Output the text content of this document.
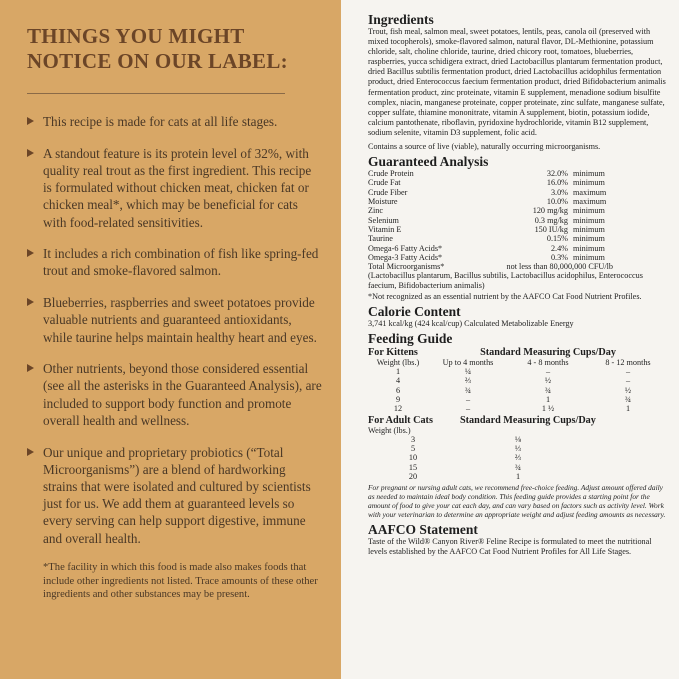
THINGS YOU MIGHT
NOTICE ON OUR LABEL:
This recipe is made for cats at all life stages.
A standout feature is its protein level of 32%, with quality real trout as the first ingredient. This recipe is formulated without chicken meat, chicken fat or chicken meal*, which may be beneficial for cats with food-related sensitivities.
It includes a rich combination of fish like spring-fed trout and smoke-flavored salmon.
Blueberries, raspberries and sweet potatoes provide valuable nutrients and guaranteed antioxidants, while taurine helps maintain healthy heart and eyes.
Other nutrients, beyond those considered essential (see all the asterisks in the Guaranteed Analysis), are included to support body function and promote overall health and wellness.
Our unique and proprietary probiotics (“Total Microorganisms”) are a blend of hardworking strains that were isolated and cultured by scientists just for us. We add them at guaranteed levels so every serving can help support digestive, immune and overall health.
*The facility in which this food is made also makes foods that include other ingredients not listed. Trace amounts of these other ingredients and other substances may be present.
Ingredients

Trout, fish meal, salmon meal, sweet potatoes, lentils, peas, canola oil (preserved with mixed tocopherols), smoke-flavored salmon, natural flavor, DL-Methionine, potassium chloride, salt, choline chloride, taurine, dried chicory root, tomatoes, blueberries, raspberries, yucca schidigera extract, dried Lactobacillus plantarum fermentation product, dried Bacillus subtilis fermentation product, dried Lactobacillus acidophilus fermentation product, dried Enterococcus faecium fermentation product, dried Bifidobacterium animalis fermentation product, zinc proteinate, vitamin E supplement, menadione sodium bisulfite complex, niacin, manganese proteinate, copper proteinate, zinc sulfate, manganese sulfate, copper sulfate, thiamine mononitrate, vitamin A supplement, biotin, potassium iodide, calcium pantothenate, riboflavin, pyridoxine hydrochloride, vitamin B12 supplement, sodium selenite, vitamin D3 supplement, folic acid.

Contains a source of live (viable), naturally occurring microorganisms.

Guaranteed Analysis
Crude Protein	32.0%	minimum
Crude Fat	16.0%	minimum
Crude Fiber	3.0%	maximum
Moisture	10.0%	maximum
Zinc	120 mg/kg	minimum
Selenium	0.3 mg/kg	minimum
Vitamin E	150 IU/kg	minimum
Taurine	0.15%	minimum
Omega-6 Fatty Acids*	2.4%	minimum
Omega-3 Fatty Acids*	0.3%	minimum
Total Microorganisms*	not less than 80,000,000 CFU/lb	

(Lactobacillus plantarum, Bacillus subtilis, Lactobacillus acidophilus, Enterococcus faecium, Bifidobacterium animalis)

*Not recognized as an essential nutrient by the AAFCO Cat Food Nutrient Profiles.

Calorie Content

3,741 kcal/kg (424 kcal/cup) Calculated Metabolizable Energy

Feeding Guide
For Kittens	Standard Measuring Cups/Day		
Weight (lbs.)	Up to 4 months	4 - 8 months	8 - 12 months
1	¼	–	–
4	⅔	½	–
6	¾	¾	½
9	–	1	¾
12	–	1 ½	1
For Adult Cats	Standard Measuring Cups/Day	
Weight (lbs.)		
3	⅛	
5	⅓	
10	⅔	
15	¾	
20	1	

For pregnant or nursing adult cats, we recommend free-choice feeding. Adjust amount offered daily as needed to maintain ideal body condition. This feeding guide provides a starting point for the amount of food to give your cat each day, and can vary based on factors such as activity level. Work with your veterinarian to determine an appropriate weight and adjust feeding amounts as necessary.

AAFCO Statement

Taste of the Wild® Canyon River® Feline Recipe is formulated to meet the nutritional levels established by the AAFCO Cat Food Nutrient Profiles for All Life Stages.
